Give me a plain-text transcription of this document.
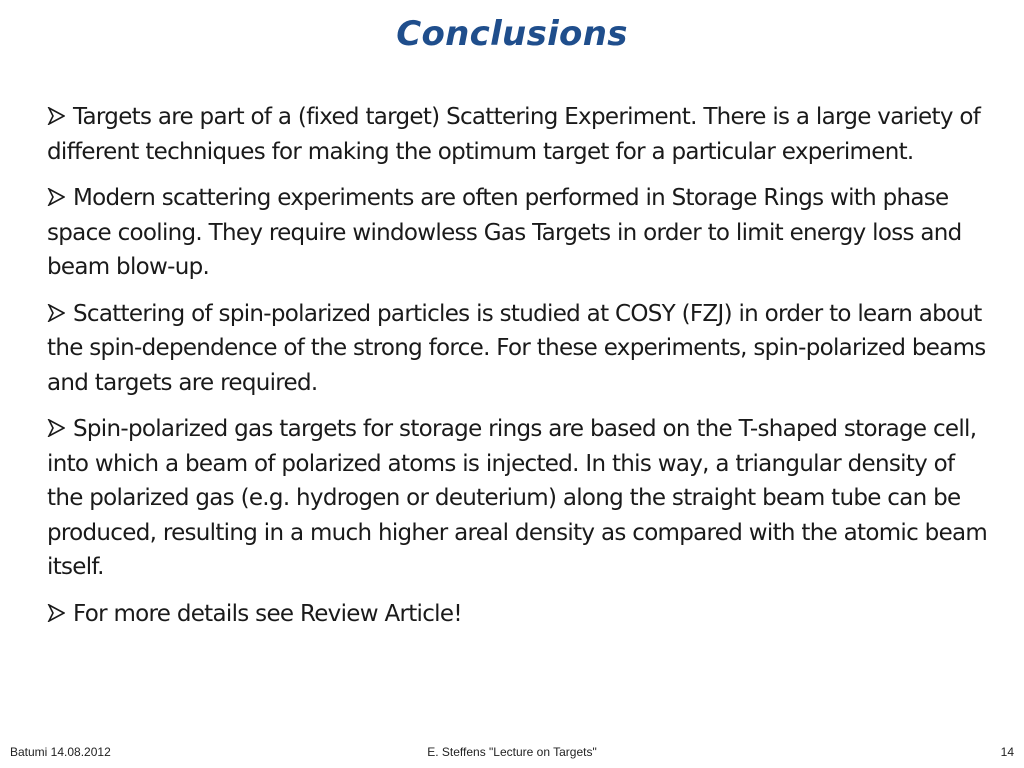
Conclusions

Targets are part of a (fixed target) Scattering Experiment. There is a large variety of different techniques for making the optimum target for a particular experiment.

Modern scattering experiments are often performed in Storage Rings with phase space cooling. They require windowless Gas Targets in order to limit energy loss and beam blow-up.

Scattering of spin-polarized particles is studied at COSY (FZJ) in order to learn about the spin-dependence of the strong force. For these experiments, spin-polarized beams and targets are required.

Spin-polarized gas targets for storage rings are based on the T-shaped storage cell, into which a beam of polarized atoms is injected. In this way, a triangular density of the polarized gas (e.g. hydrogen or deuterium) along the straight beam tube can be produced, resulting in a much higher areal density as compared with the atomic beam itself.

For more details see Review Article!

Batumi 14.08.2012	E. Steffens "Lecture on Targets"	14
